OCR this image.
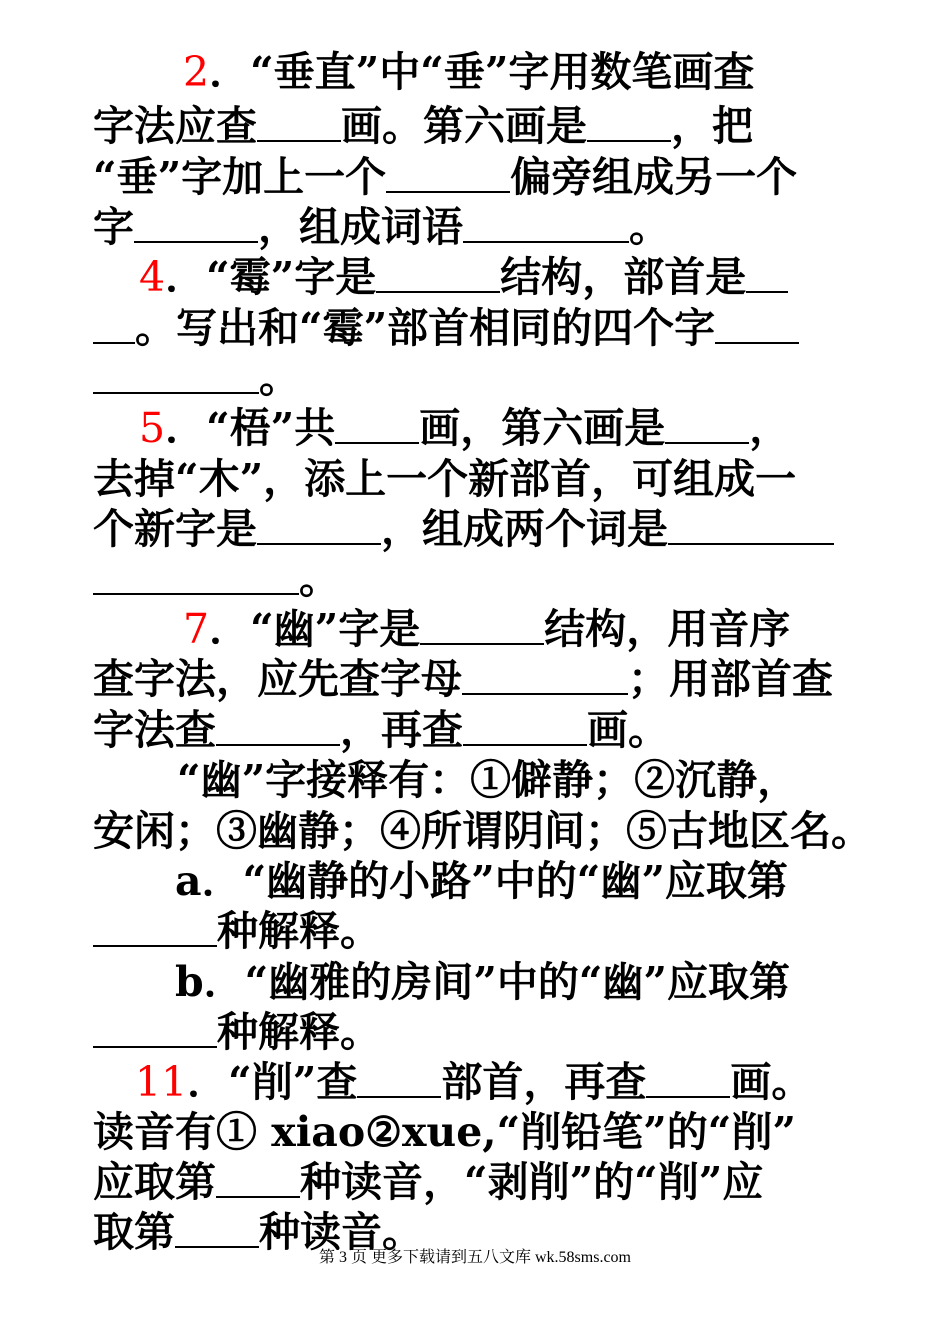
2．“垂直”中“垂”字用数笔画查
字法应查 画。第六画是 ，把
“垂”字加上一个	偏旁组成另一个
字	，组成词语	。
4．“霉”字是	结构，部首是
。写出和“霉”部首相同的四个字
。
5．“梧”共 画，第六画是 ，
去掉“木”，添上一个新部首，可组成一
个新字是	，组成两个词是
。
7．“幽”字是	结构，用音序
查字法，应先查字母	；用部首查
字法查	，再查	画。
“幽”字接释有：①僻静；②沉静，
安闲；③幽静；④所谓阴间；⑤古地区名。
a．“幽静的小路”中的“幽”应取第
种解释。
b．“幽雅的房间”中的“幽”应取第
种解释。
11．“削”查 部首，再查 画。
读音有① xiao②xue,“削铅笔”的“削”
应取第 种读音，“剥削”的“削”应
取第 种读音。
第 3 页 更多下载请到五八文库 wk.58sms.com
